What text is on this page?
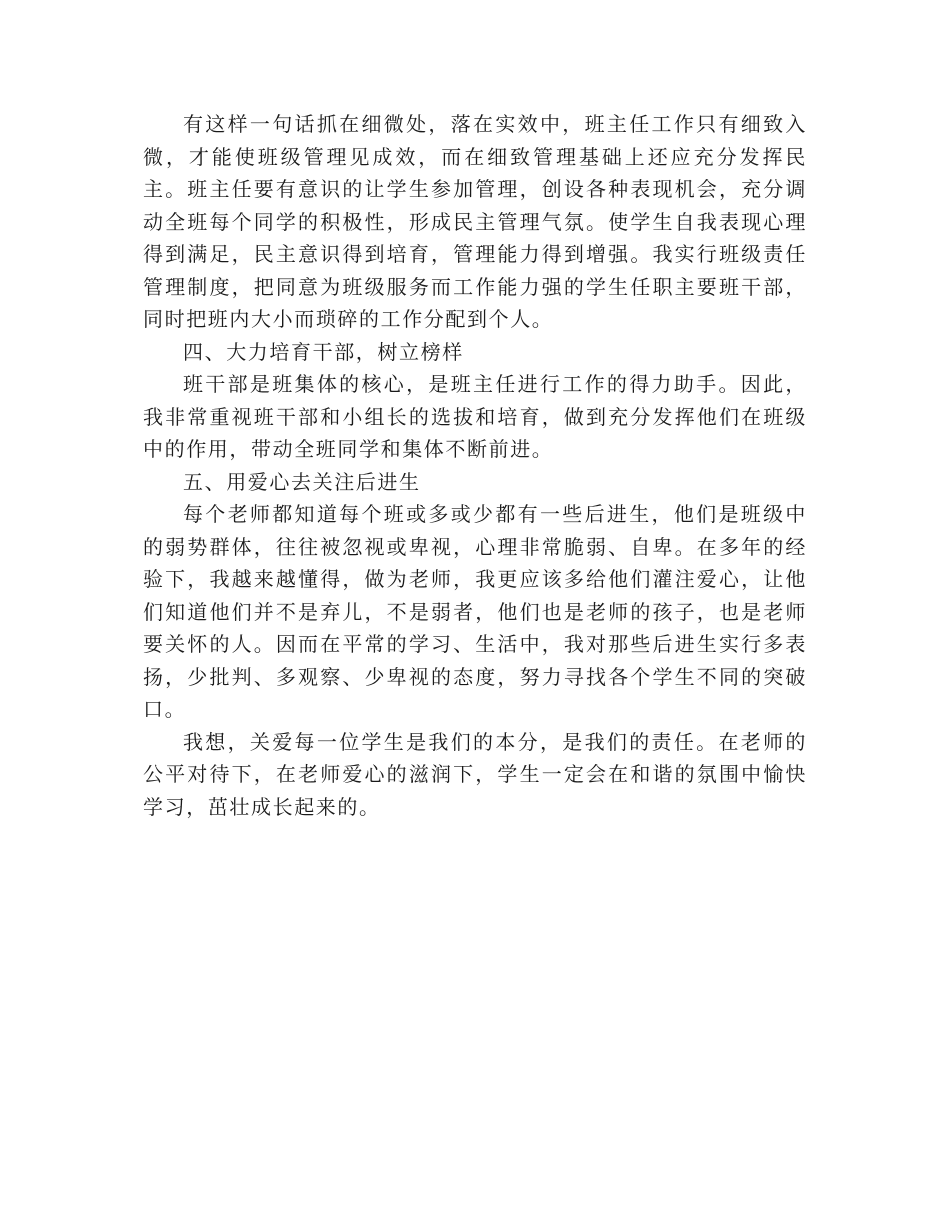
有这样一句话抓在细微处，落在实效中，班主任工作只有细致入微，才能使班级管理见成效，而在细致管理基础上还应充分发挥民主。班主任要有意识的让学生参加管理，创设各种表现机会，充分调动全班每个同学的积极性，形成民主管理气氛。使学生自我表现心理得到满足，民主意识得到培育，管理能力得到增强。我实行班级责任管理制度，把同意为班级服务而工作能力强的学生任职主要班干部，同时把班内大小而琐碎的工作分配到个人。

四、大力培育干部，树立榜样

班干部是班集体的核心，是班主任进行工作的得力助手。因此，我非常重视班干部和小组长的选拔和培育，做到充分发挥他们在班级中的作用，带动全班同学和集体不断前进。

五、用爱心去关注后进生

每个老师都知道每个班或多或少都有一些后进生，他们是班级中的弱势群体，往往被忽视或卑视，心理非常脆弱、自卑。在多年的经验下，我越来越懂得，做为老师，我更应该多给他们灌注爱心，让他们知道他们并不是弃儿，不是弱者，他们也是老师的孩子，也是老师要关怀的人。因而在平常的学习、生活中，我对那些后进生实行多表扬，少批判、多观察、少卑视的态度，努力寻找各个学生不同的突破口。

我想，关爱每一位学生是我们的本分，是我们的责任。在老师的公平对待下，在老师爱心的滋润下，学生一定会在和谐的氛围中愉快学习，茁壮成长起来的。
